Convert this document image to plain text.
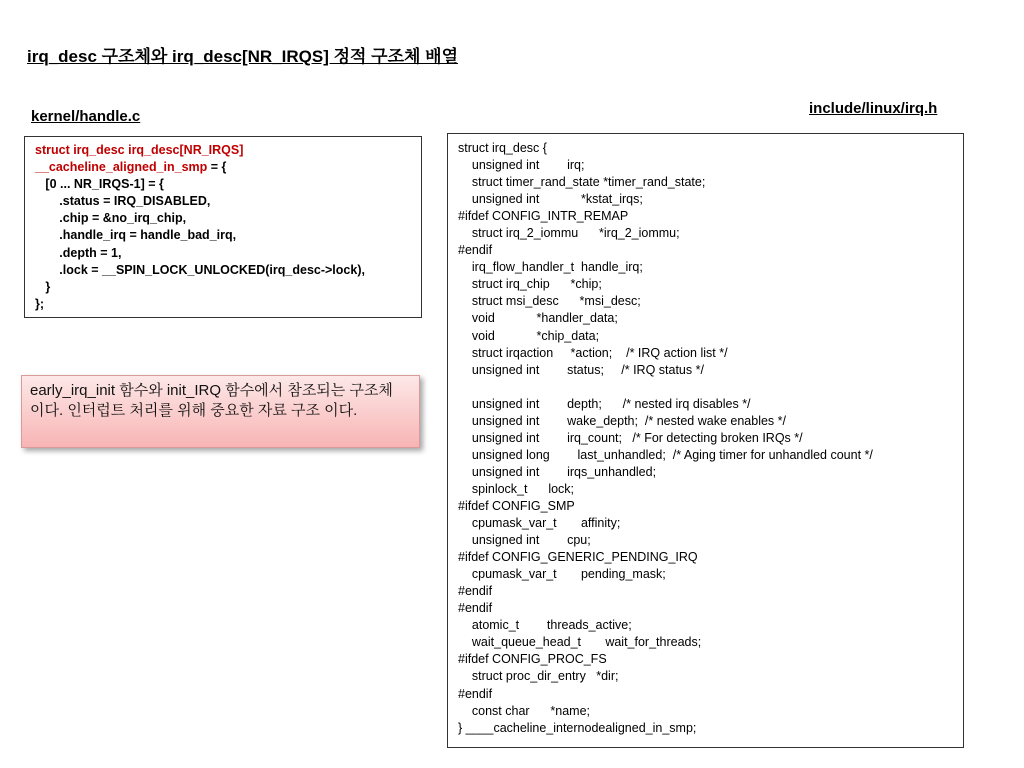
irq_desc 구조체와 irq_desc[NR_IRQS] 정적 구조체 배열
kernel/handle.c	include/linux/irq.h
struct irq_desc irq_desc[NR_IRQS]
__cacheline_aligned_in_smp = {
[0 ... NR_IRQS-1] = {
.status = IRQ_DISABLED,
.chip = &no_irq_chip,
.handle_irq = handle_bad_irq,
.depth = 1,
.lock = __SPIN_LOCK_UNLOCKED(irq_desc->lock),
}
};
early_irq_init 함수와 init_IRQ 함수에서 참조되는 구조체 이다. 인터럽트 처리를 위해 중요한 자료 구조 이다.
struct irq_desc {
unsigned int        irq;
struct timer_rand_state *timer_rand_state;
unsigned int            *kstat_irqs;
#ifdef CONFIG_INTR_REMAP
struct irq_2_iommu      *irq_2_iommu;
#endif
irq_flow_handler_t  handle_irq;
struct irq_chip      *chip;
struct msi_desc      *msi_desc;
void            *handler_data;
void            *chip_data;
struct irqaction     *action;    /* IRQ action list */
unsigned int        status;     /* IRQ status */
unsigned int        depth;      /* nested irq disables */
unsigned int        wake_depth;  /* nested wake enables */
unsigned int        irq_count;   /* For detecting broken IRQs */
unsigned long        last_unhandled;  /* Aging timer for unhandled count */
unsigned int        irqs_unhandled;
spinlock_t      lock;
#ifdef CONFIG_SMP
cpumask_var_t       affinity;
unsigned int        cpu;
#ifdef CONFIG_GENERIC_PENDING_IRQ
cpumask_var_t       pending_mask;
#endif
#endif
atomic_t        threads_active;
wait_queue_head_t       wait_for_threads;
#ifdef CONFIG_PROC_FS
struct proc_dir_entry   *dir;
#endif
const char      *name;
} ____cacheline_internodealigned_in_smp;
